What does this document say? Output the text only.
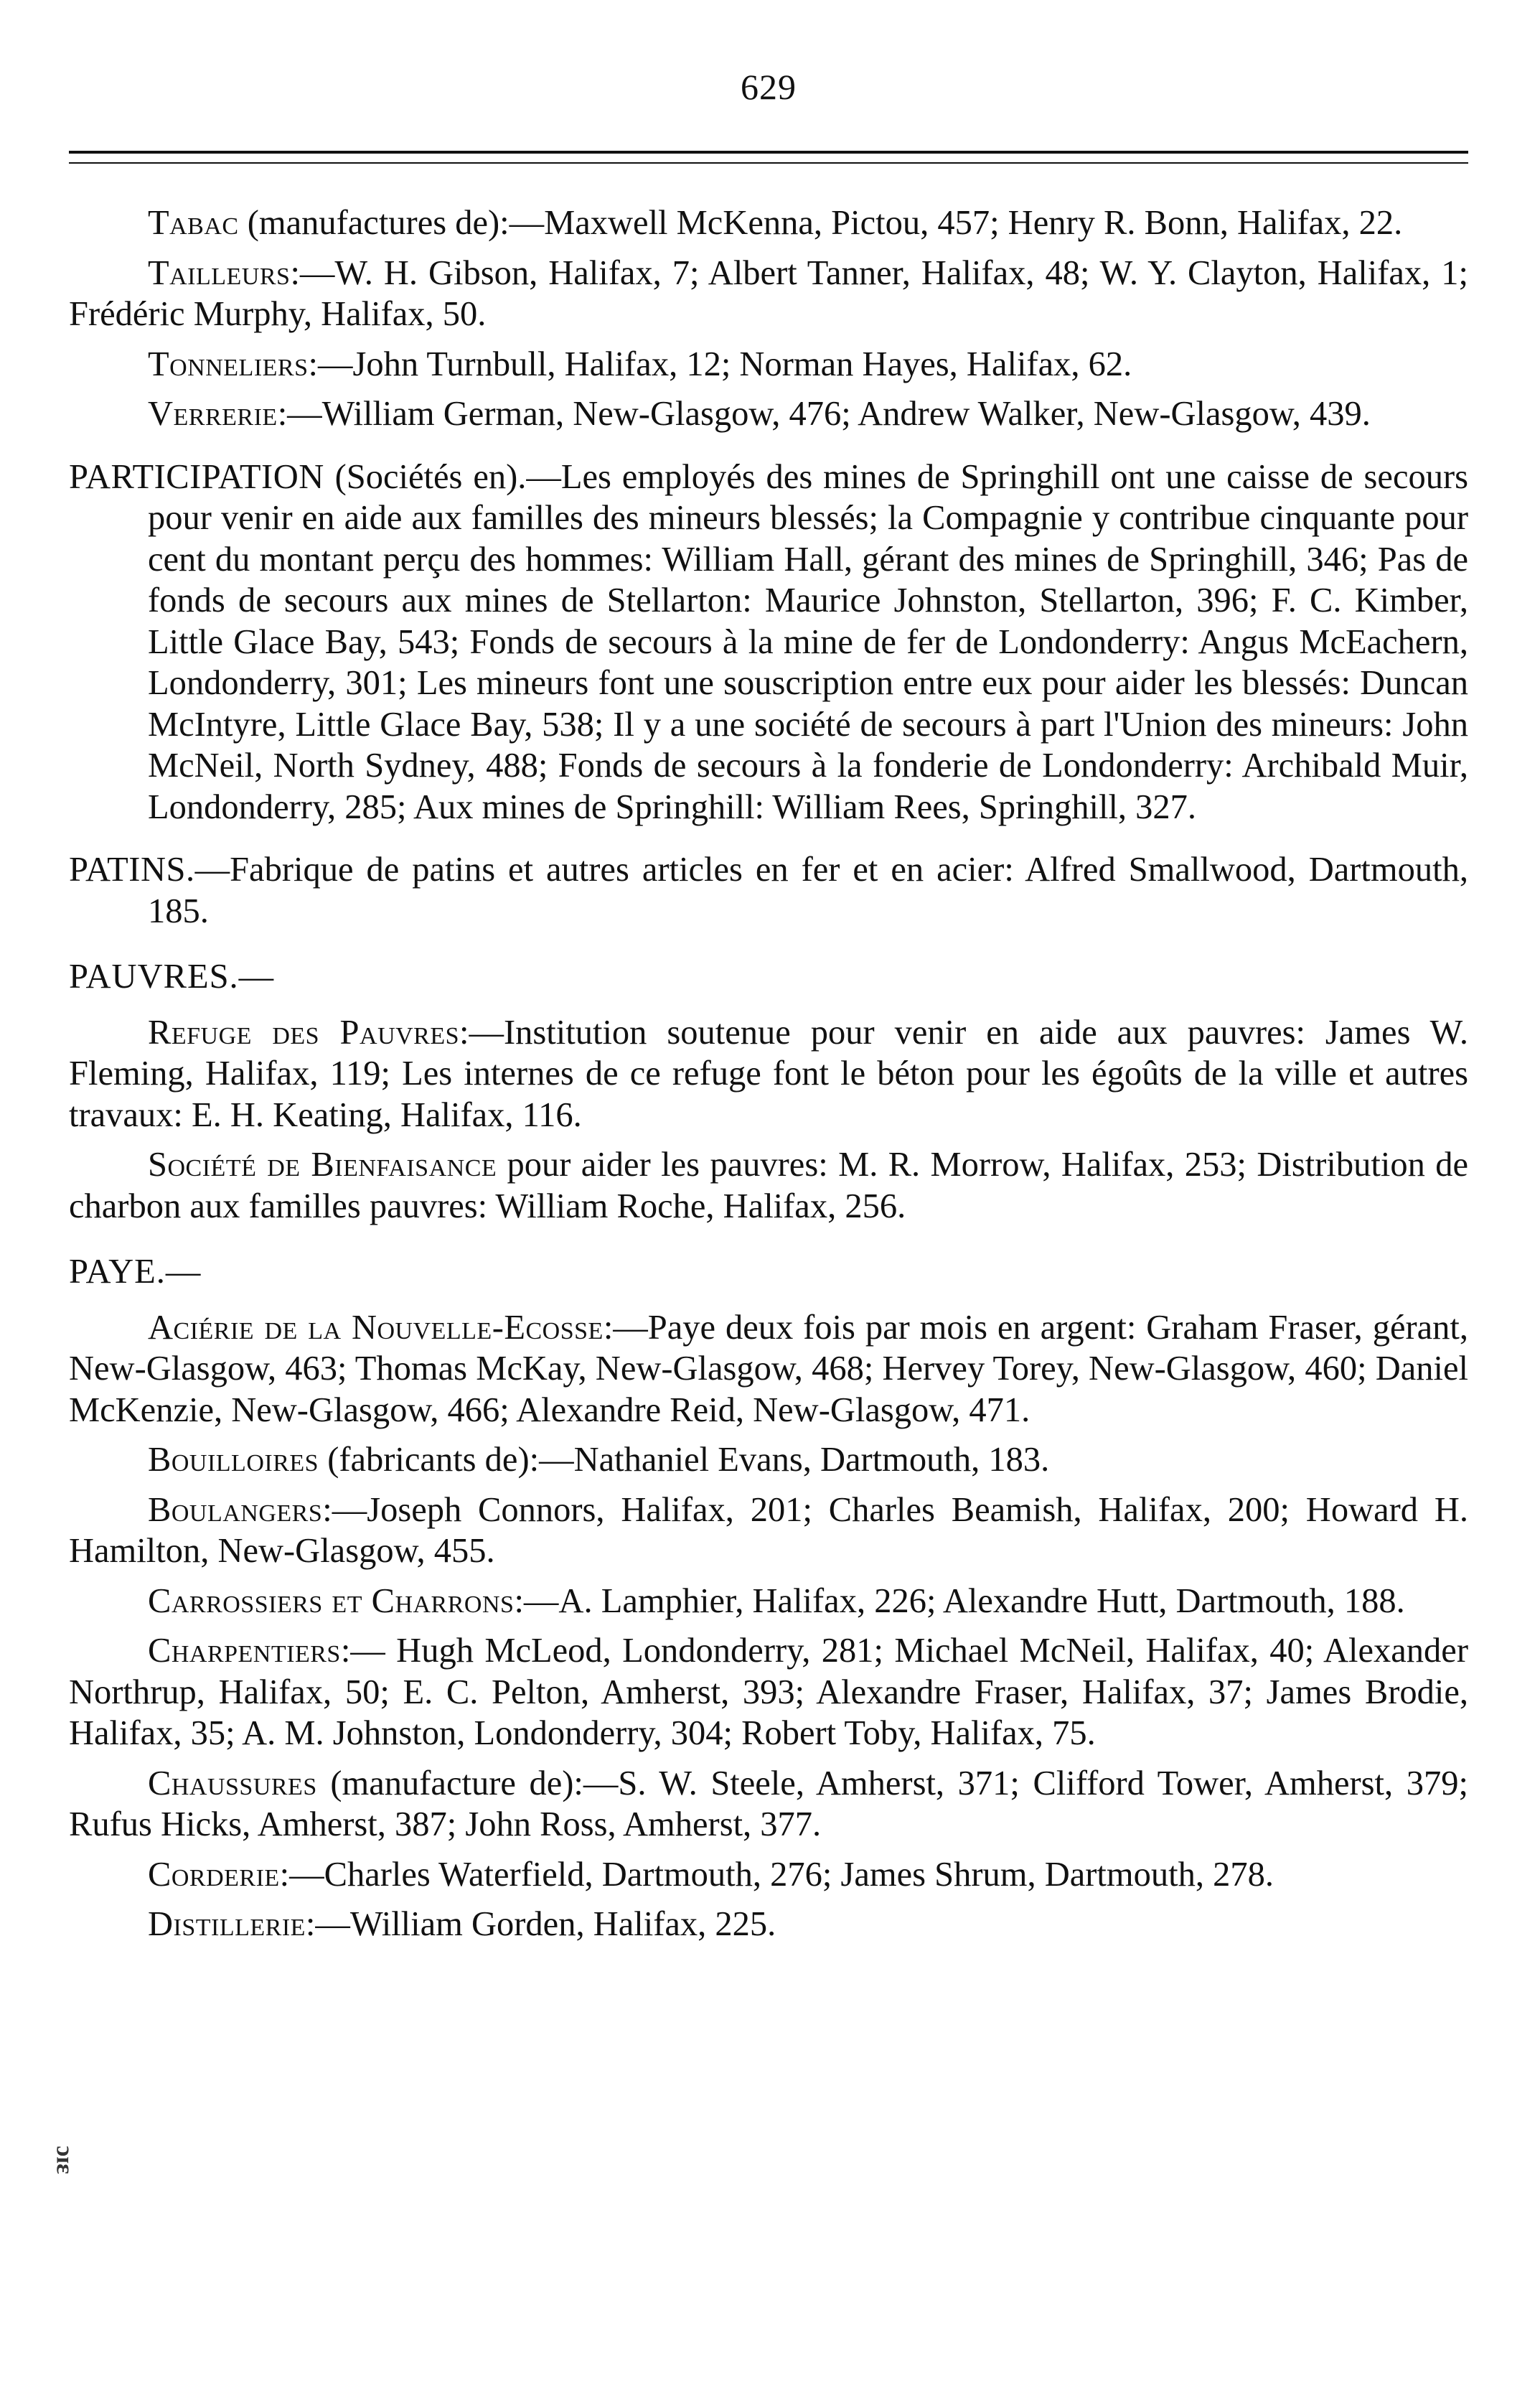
629

Tabac (manufactures de):—Maxwell McKenna, Pictou, 457; Henry R. Bonn, Halifax, 22.

Tailleurs:—W. H. Gibson, Halifax, 7; Albert Tanner, Halifax, 48; W. Y. Clayton, Halifax, 1; Frédéric Murphy, Halifax, 50.

Tonneliers:—John Turnbull, Halifax, 12; Norman Hayes, Halifax, 62.

Verrerie:—William German, New-Glasgow, 476; Andrew Walker, New-Glasgow, 439.

PARTICIPATION (Sociétés en).—Les employés des mines de Springhill ont une caisse de secours pour venir en aide aux familles des mineurs blessés; la Compagnie y contribue cinquante pour cent du montant perçu des hommes: William Hall, gérant des mines de Springhill, 346; Pas de fonds de secours aux mines de Stellarton: Maurice Johnston, Stellarton, 396; F. C. Kimber, Little Glace Bay, 543; Fonds de secours à la mine de fer de Londonderry: Angus McEachern, Londonderry, 301; Les mineurs font une souscription entre eux pour aider les blessés: Duncan McIntyre, Little Glace Bay, 538; Il y a une société de secours à part l'Union des mineurs: John McNeil, North Sydney, 488; Fonds de secours à la fonderie de Londonderry: Archibald Muir, Londonderry, 285; Aux mines de Springhill: William Rees, Springhill, 327.

PATINS.—Fabrique de patins et autres articles en fer et en acier: Alfred Smallwood, Dartmouth, 185.

PAUVRES.—

Refuge des Pauvres:—Institution soutenue pour venir en aide aux pauvres: James W. Fleming, Halifax, 119; Les internes de ce refuge font le béton pour les égoûts de la ville et autres travaux: E. H. Keating, Halifax, 116.

Société de Bienfaisance pour aider les pauvres: M. R. Morrow, Halifax, 253; Distribution de charbon aux familles pauvres: William Roche, Halifax, 256.

PAYE.—

Aciérie de la Nouvelle-Ecosse:—Paye deux fois par mois en argent: Graham Fraser, gérant, New-Glasgow, 463; Thomas McKay, New-Glasgow, 468; Hervey Torey, New-Glasgow, 460; Daniel McKenzie, New-Glasgow, 466; Alexandre Reid, New-Glasgow, 471.

Bouilloires (fabricants de):—Nathaniel Evans, Dartmouth, 183.

Boulangers:—Joseph Connors, Halifax, 201; Charles Beamish, Halifax, 200; Howard H. Hamilton, New-Glasgow, 455.

Carrossiers et Charrons:—A. Lamphier, Halifax, 226; Alexandre Hutt, Dartmouth, 188.

Charpentiers:— Hugh McLeod, Londonderry, 281; Michael McNeil, Halifax, 40; Alexander Northrup, Halifax, 50; E. C. Pelton, Amherst, 393; Alexandre Fraser, Halifax, 37; James Brodie, Halifax, 35; A. M. Johnston, Londonderry, 304; Robert Toby, Halifax, 75.

Chaussures (manufacture de):—S. W. Steele, Amherst, 371; Clifford Tower, Amherst, 379; Rufus Hicks, Amherst, 387; John Ross, Amherst, 377.

Corderie:—Charles Waterfield, Dartmouth, 276; James Shrum, Dartmouth, 278.

Distillerie:—William Gorden, Halifax, 225.

ɔɪɛ
